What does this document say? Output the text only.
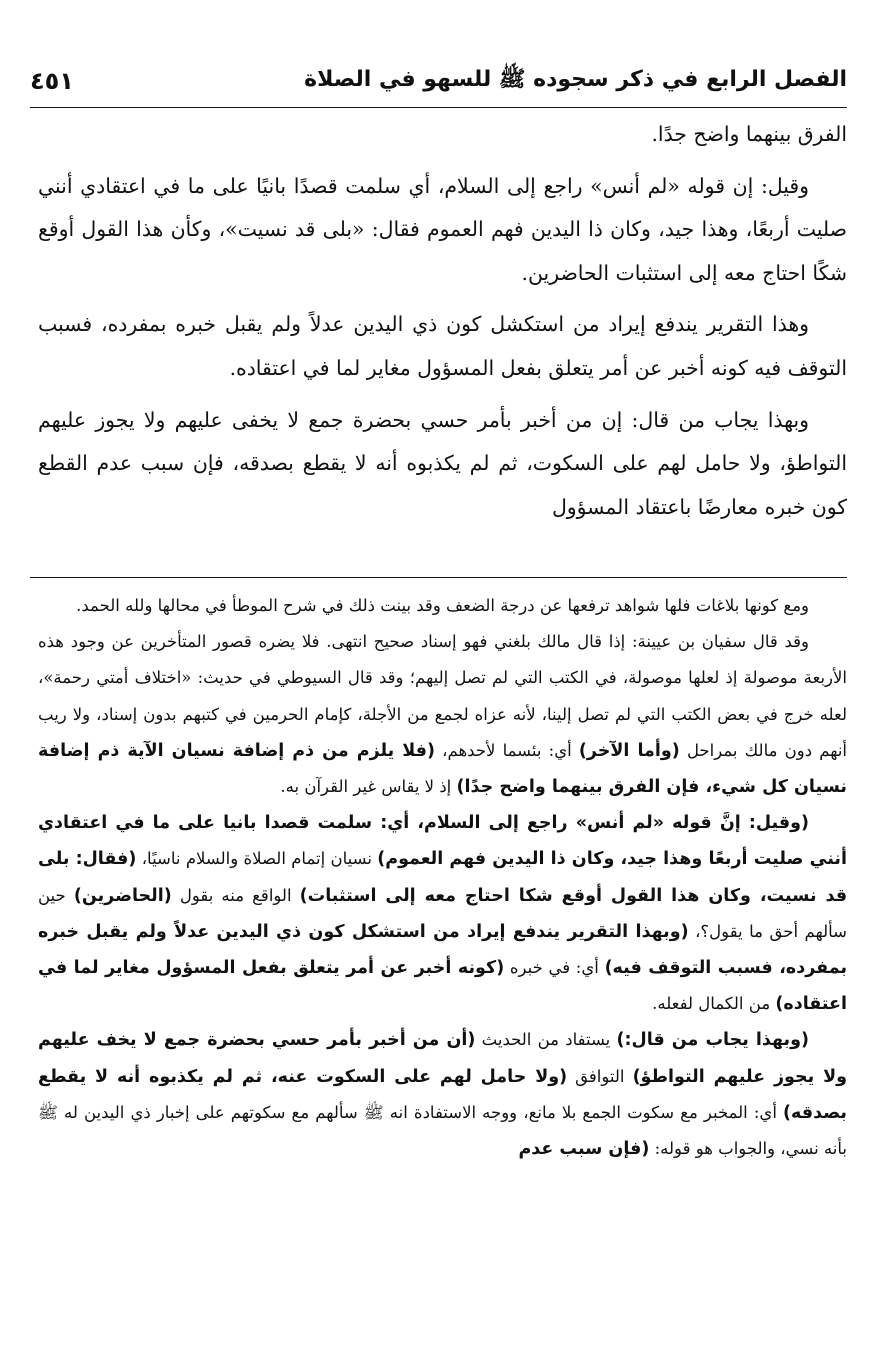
الفصل الرابع في ذكر سجوده ﷺ للسهو في الصلاة
٤٥١

الفرق بينهما واضح جدًا.

وقيل: إن قوله «لم أنس» راجع إلى السلام، أي سلمت قصدًا بانيًا على ما في اعتقادي أنني صليت أربعًا، وهذا جيد، وكان ذا اليدين فهم العموم فقال: «بلى قد نسيت»، وكأن هذا القول أوقع شكًا احتاج معه إلى استثبات الحاضرين.

وهذا التقرير يندفع إيراد من استكشل كون ذي اليدين عدلاً ولم يقبل خبره بمفرده، فسبب التوقف فيه كونه أخبر عن أمر يتعلق بفعل المسؤول مغاير لما في اعتقاده.

وبهذا يجاب من قال: إن من أخبر بأمر حسي بحضرة جمع لا يخفى عليهم ولا يجوز عليهم التواطؤ، ولا حامل لهم على السكوت، ثم لم يكذبوه أنه لا يقطع بصدقه، فإن سبب عدم القطع كون خبره معارضًا باعتقاد المسؤول

ومع كونها بلاغات فلها شواهد ترفعها عن درجة الضعف وقد بينت ذلك في شرح الموطأ في محالها ولله الحمد.

وقد قال سفيان بن عيينة: إذا قال مالك بلغني فهو إسناد صحيح انتهى. فلا يضره قصور المتأخرين عن وجود هذه الأربعة موصولة إذ لعلها موصولة، في الكتب التي لم تصل إليهم؛ وقد قال السيوطي في حديث: «اختلاف أمتي رحمة»، لعله خرج في بعض الكتب التي لم تصل إلينا، لأنه عزاه لجمع من الأجلة، كإمام الحرمين في كتبهم بدون إسناد، ولا ريب أنهم دون مالك بمراحل (وأما الآخر) أي: بئسما لأحدهم، (فلا يلزم من ذم إضافة نسيان الآية ذم إضافة نسيان كل شيء، فإن الفرق بينهما واضح جدًا) إذ لا يقاس غير القرآن به.

(وقيل: إنَّ قوله «لم أنس» راجع إلى السلام، أي: سلمت قصدا بانيا على ما في اعتقادي أنني صليت أربعًا وهذا جيد، وكان ذا اليدين فهم العموم) نسيان إتمام الصلاة والسلام ناسيًا، (فقال: بلى قد نسيت، وكان هذا القول أوقع شكا احتاج معه إلى استثبات) الواقع منه بقول (الحاضرين) حين سألهم أحق ما يقول؟، (وبهذا التقرير يندفع إيراد من استشكل كون ذي اليدين عدلاً ولم يقبل خبره بمفرده، فسبب التوقف فيه) أي: في خبره (كونه أخبر عن أمر يتعلق بفعل المسؤول مغاير لما في اعتقاده) من الكمال لفعله.

(وبهذا يجاب من قال:) يستفاد من الحديث (أن من أخبر بأمر حسي بحضرة جمع لا يخف عليهم ولا يجوز عليهم التواطؤ) التوافق (ولا حامل لهم على السكوت عنه، ثم لم يكذبوه أنه لا يقطع بصدقه) أي: المخبر مع سكوت الجمع بلا مانع، ووجه الاستفادة انه ﷺ سألهم مع سكوتهم على إخبار ذي اليدين له ﷺ بأنه نسي، والجواب هو قوله: (فإن سبب عدم
